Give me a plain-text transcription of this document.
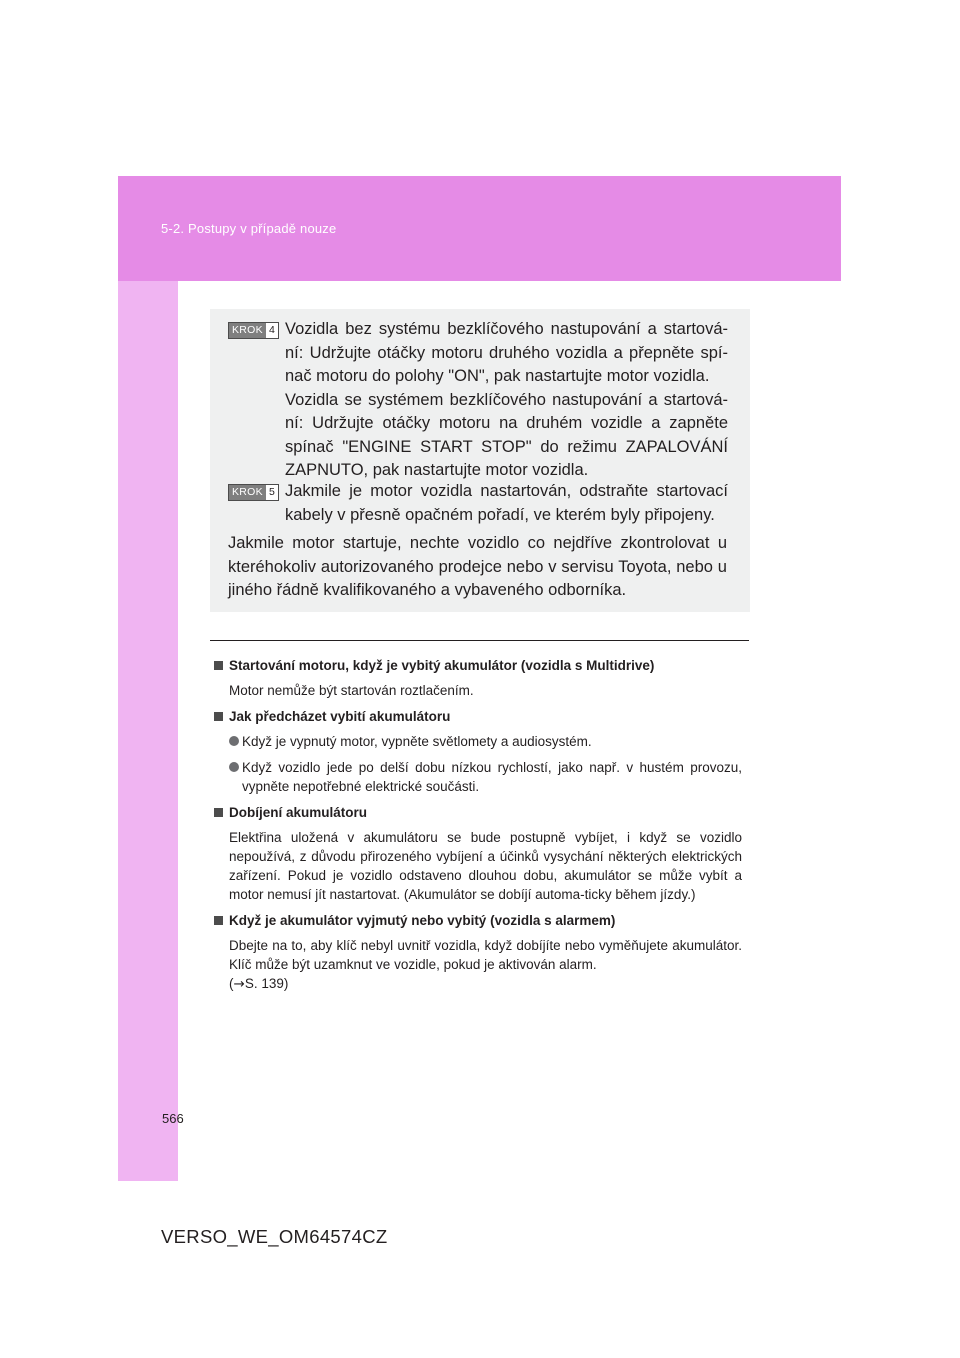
5-2. Postupy v případě nouze
KROK 4 Vozidla bez systému bezklíčového nastupování a startová-ní: Udržujte otáčky motoru druhého vozidla a přepněte spí-nač motoru do polohy "ON", pak nastartujte motor vozidla.

Vozidla se systémem bezklíčového nastupování a startová-ní: Udržujte otáčky motoru na druhém vozidle a zapněte spínač "ENGINE START STOP" do režimu ZAPALOVÁNÍ ZAPNUTO, pak nastartujte motor vozidla.

KROK 5 Jakmile je motor vozidla nastartován, odstraňte startovací kabely v přesně opačném pořadí, ve kterém byly připojeny.

Jakmile motor startuje, nechte vozidlo co nejdříve zkontrolovat u kteréhokoliv autorizovaného prodejce nebo v servisu Toyota, nebo u jiného řádně kvalifikovaného a vybaveného odborníka.
Startování motoru, když je vybitý akumulátor (vozidla s Multidrive)
Motor nemůže být startován roztlačením.
Jak předcházet vybití akumulátoru
Když je vypnutý motor, vypněte světlomety a audiosystém.
Když vozidlo jede po delší dobu nízkou rychlostí, jako např. v hustém provozu, vypněte nepotřebné elektrické součásti.
Dobíjení akumulátoru
Elektřina uložená v akumulátoru se bude postupně vybíjet, i když se vozidlo nepoužívá, z důvodu přirozeného vybíjení a účinků vysychání některých elektrických zařízení. Pokud je vozidlo odstaveno dlouhou dobu, akumulátor se může vybít a motor nemusí jít nastartovat. (Akumulátor se dobíjí automa-ticky během jízdy.)
Když je akumulátor vyjmutý nebo vybitý (vozidla s alarmem)
Dbejte na to, aby klíč nebyl uvnitř vozidla, když dobíjíte nebo vyměňujete akumulátor. Klíč může být uzamknut ve vozidle, pokud je aktivován alarm.
(→S. 139)
566
VERSO_WE_OM64574CZ
